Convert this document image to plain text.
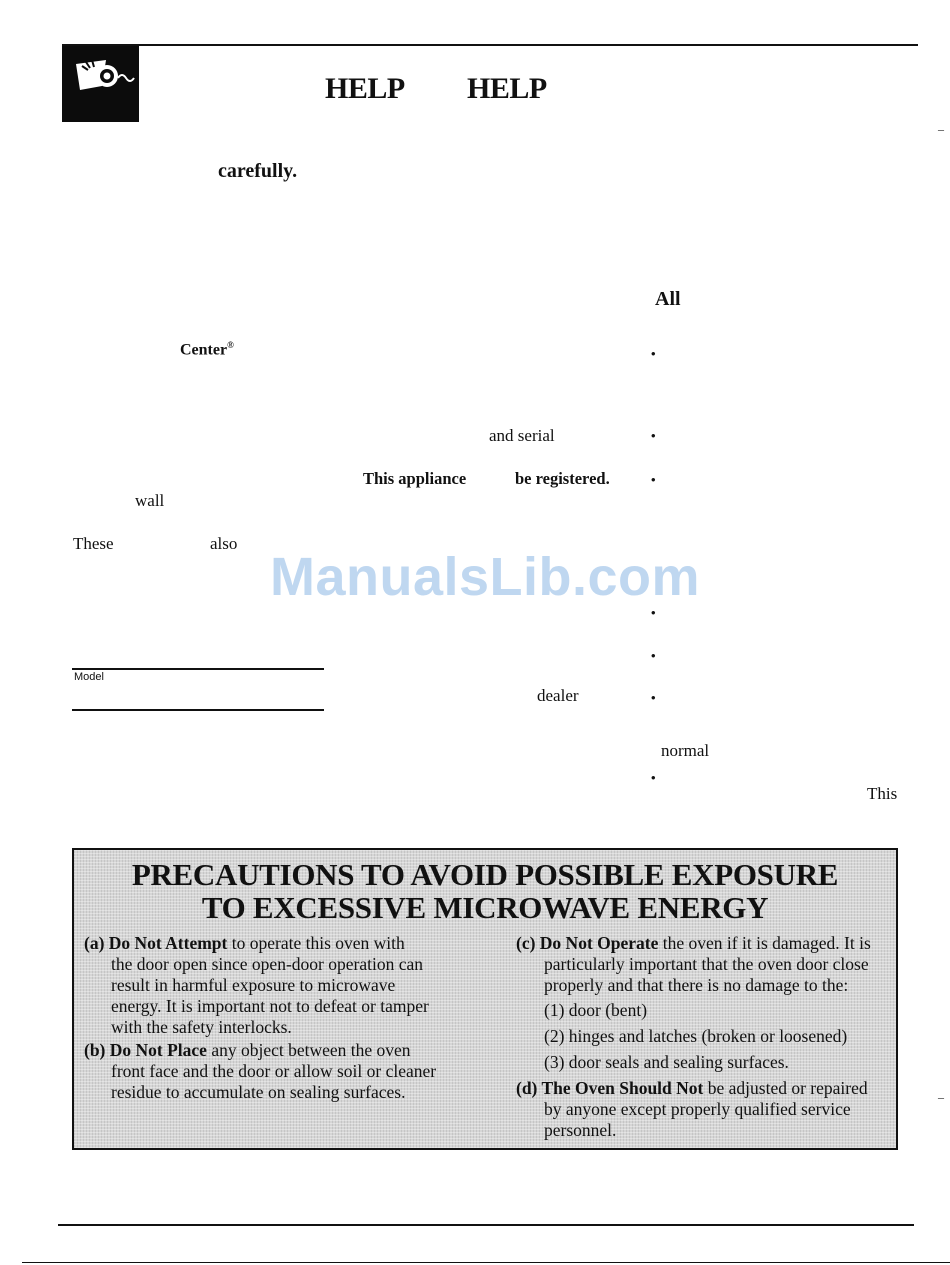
HELP HELP
‒
carefully.
All
Center®
•
and serial	•
This appliance	be registered.	•
wall
These	also
ManualsLib.com
•
•
Model
dealer	•
normal
•
This
PRECAUTIONS TO AVOID POSSIBLE EXPOSURE
TO EXCESSIVE MICROWAVE ENERGY
(a) Do Not Attempt to operate this oven with
the door open since open-door operation can
result in harmful exposure to microwave
energy. It is important not to defeat or tamper
with the safety interlocks.
(b) Do Not Place any object between the oven
front face and the door or allow soil or cleaner
residue to accumulate on sealing surfaces.
(c) Do Not Operate the oven if it is damaged. It is
particularly important that the oven door close
properly and that there is no damage to the:
(1) door (bent)
(2) hinges and latches (broken or loosened)
(3) door seals and sealing surfaces.
(d) The Oven Should Not be adjusted or repaired
by anyone except properly qualified service
personnel.
‒
